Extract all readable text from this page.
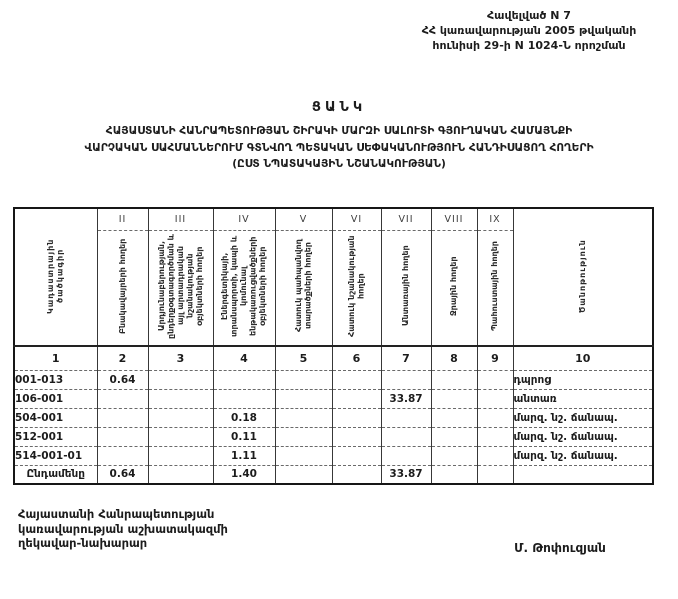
Հավելված N 7
ՀՀ կառավարության 2005 թվականի
հունիսի 29-ի N 1024-Ն որոշման
ՑԱՆԿ
ՀԱՅԱՍՏԱՆԻ ՀԱՆՐԱՊԵՏՈՒԹՅԱՆ ՇԻՐԱԿԻ ՄԱՐԶԻ ՍԱԼՈՒՏԻ ԳՅՈՒՂԱԿԱՆ ՀԱՄԱՅՆՔԻ
ՎԱՐՉԱԿԱՆ ՍԱՀՄԱՆՆԵՐՈՒՄ ԳՏՆՎՈՂ ՊԵՏԱԿԱՆ ՍԵՓԱԿԱՆՈՒԹՅՈՒՆ ՀԱՆԴԻՍԱՑՈՂ ՀՈՂԵՐԻ
(ԸՍՏ ՆՊԱՏԱԿԱՅԻՆ ՆՇԱՆԱԿՈՒԹՅԱՆ)
Կադաստրային ծածկագիր	II	III	IV	V	VI	VII	VIII	IX	Ծանոթություն
	Բնակավայրերի հողեր	Արդյունաբերության, ընդերքօգտագործման և այլ արտադրական նշանակության օբյեկտների հողեր	Էներգետիկայի, տրանսպորտի, կապի և կոմունալ ենթակառուցվածքների օբյեկտների հողեր	Հատուկ պահպանվող տարածքների հողեր	Հատուկ նշանակության հողեր	Անտառային հողեր	Ջրային հողեր	Պահուստային հողեր	
1	2	3	4	5	6	7	8	9	10
001-013	0.64								դպրոց
106-001						33.87			անտառ
504-001			0.18						մարզ. նշ. ճանապ.
512-001			0.11						մարզ. նշ. ճանապ.
514-001-01			1.11						մարզ. նշ. ճանապ.
Ընդամենը	0.64		1.40			33.87			
Հայաստանի Հանրապետության
կառավարության աշխատակազմի
ղեկավար-նախարար	Մ. Թոփուզյան
